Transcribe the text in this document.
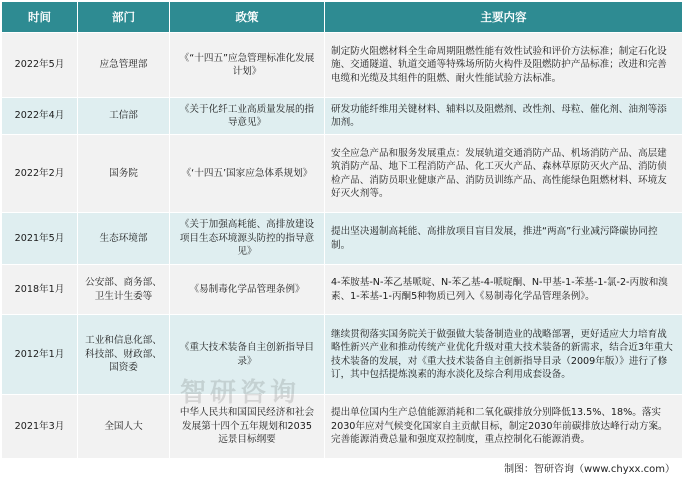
时间	部门	政策	主要内容
2022年5月	应急管理部	《“十四五”应急管理标准化发展计划》	制定防火阻燃材料全生命周期阻燃性能有效性试验和评价方法标准；制定石化设施、交通隧道、轨道交通等特殊场所防火构件及阻燃防护产品标准；改进和完善电缆和光缆及其组件的阻燃、耐火性能试验方法标准。
2022年4月	工信部	《关于化纤工业高质量发展的指导意见》	研发功能纤维用关键材料、辅料以及阻燃剂、改性剂、母粒、催化剂、油剂等添加剂。
2022年2月	国务院	《‘十四五’国家应急体系规划》	安全应急产品和服务发展重点：发展轨道交通消防产品、机场消防产品、高层建筑消防产品、地下工程消防产品、化工灭火产品、森林草原防灭火产品、消防侦检产品、消防员职业健康产品、消防员训练产品、高性能绿色阻燃材料、环境友好灭火剂等。
2021年5月	生态环境部	《关于加强高耗能、高排放建设项目生态环境源头防控的指导意见》	提出坚决遏制高耗能、高排放项目盲目发展，推进“两高”行业减污降碳协同控制。
2018年1月	公安部、商务部、卫生计生委等	《易制毒化学品管理条例》	4-苯胺基-N-苯乙基哌啶、N-苯乙基-4-哌啶酮、N-甲基-1-苯基-1-氯-2-丙胺和溴素、1-苯基-1-丙酮5种物质已列入《易制毒化学品管理条例》。
2012年1月	工业和信息化部、科技部、财政部、国资委	《重大技术装备自主创新指导目录》	继续贯彻落实国务院关于做强做大装备制造业的战略部署，更好适应大力培育战略性新兴产业和推动传统产业优化升级对重大技术装备的新需求，结合近3年重大技术装备的发展，对《重大技术装备自主创新指导目录（2009年版）》进行了修订，其中包括提炼溴素的海水淡化及综合利用成套设备。
2021年3月	全国人大	中华人民共和国国民经济和社会发展第十四个五年规划和2035远景目标纲要	提出单位国内生产总值能源消耗和二氧化碳排放分别降低13.5%、18%。落实2030年应对气候变化国家自主贡献目标，制定2030年前碳排放达峰行动方案。完善能源消费总量和强度双控制度，重点控制化石能源消费。
制图：智研咨询（www.chyxx.com）
